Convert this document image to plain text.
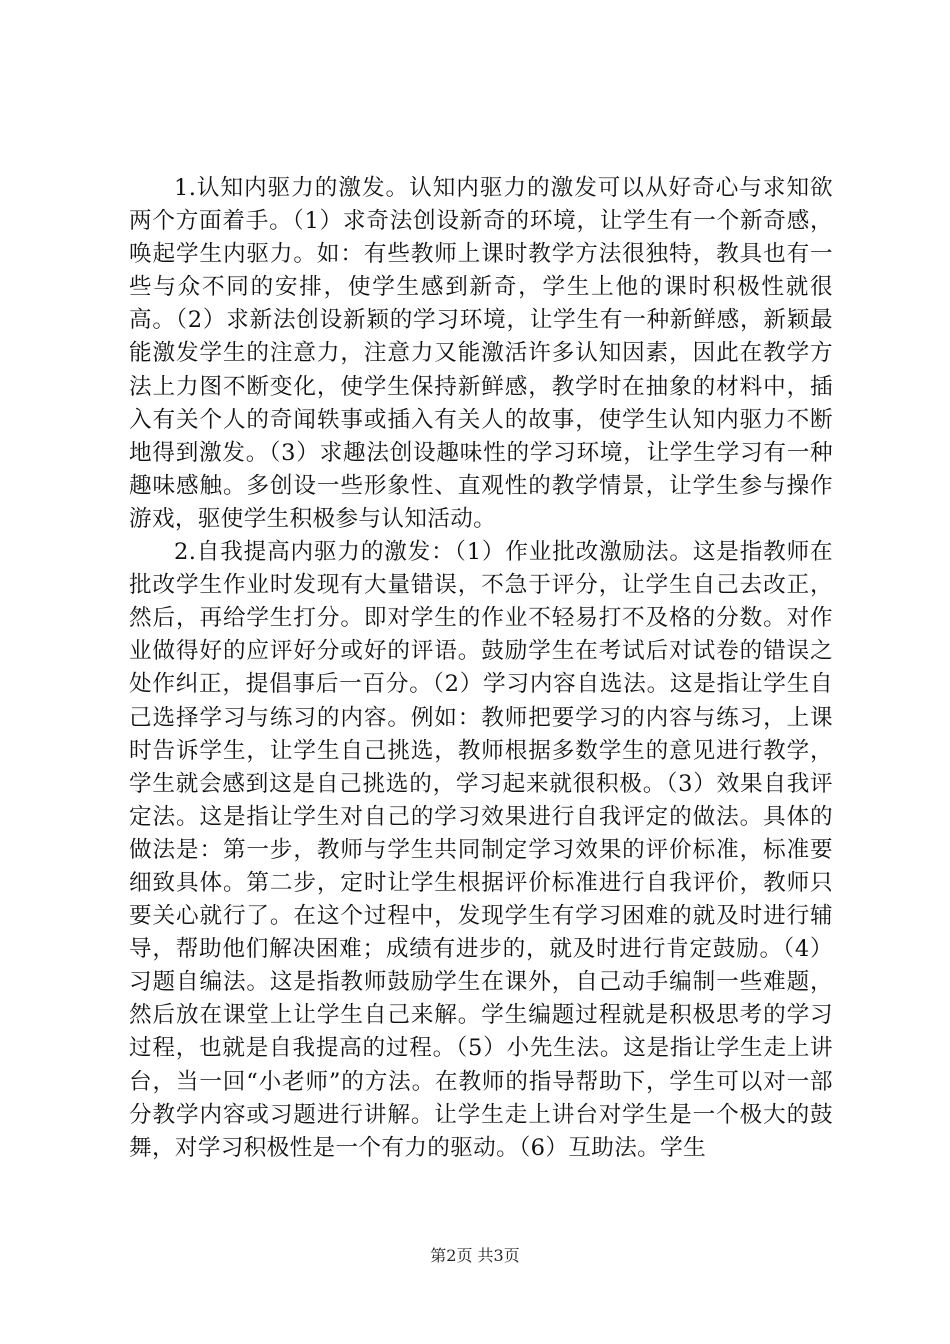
1.认知内驱力的激发。认知内驱力的激发可以从好奇心与求知欲两个方面着手。（1）求奇法创设新奇的环境，让学生有一个新奇感，唤起学生内驱力。如：有些教师上课时教学方法很独特，教具也有一些与众不同的安排，使学生感到新奇，学生上他的课时积极性就很高。（2）求新法创设新颖的学习环境，让学生有一种新鲜感，新颖最能激发学生的注意力，注意力又能激活许多认知因素，因此在教学方法上力图不断变化，使学生保持新鲜感，教学时在抽象的材料中，插入有关个人的奇闻轶事或插入有关人的故事，使学生认知内驱力不断地得到激发。（3）求趣法创设趣味性的学习环境，让学生学习有一种趣味感触。多创设一些形象性、直观性的教学情景，让学生参与操作游戏，驱使学生积极参与认知活动。

2.自我提高内驱力的激发：（1）作业批改激励法。这是指教师在批改学生作业时发现有大量错误，不急于评分，让学生自己去改正，然后，再给学生打分。即对学生的作业不轻易打不及格的分数。对作业做得好的应评好分或好的评语。鼓励学生在考试后对试卷的错误之处作纠正，提倡事后一百分。（2）学习内容自选法。这是指让学生自己选择学习与练习的内容。例如：教师把要学习的内容与练习，上课时告诉学生，让学生自己挑选，教师根据多数学生的意见进行教学，学生就会感到这是自己挑选的，学习起来就很积极。（3）效果自我评定法。这是指让学生对自己的学习效果进行自我评定的做法。具体的做法是：第一步，教师与学生共同制定学习效果的评价标准，标准要细致具体。第二步，定时让学生根据评价标准进行自我评价，教师只要关心就行了。在这个过程中，发现学生有学习困难的就及时进行辅导，帮助他们解决困难；成绩有进步的，就及时进行肯定鼓励。（4）习题自编法。这是指教师鼓励学生在课外，自己动手编制一些难题，然后放在课堂上让学生自己来解。学生编题过程就是积极思考的学习过程，也就是自我提高的过程。（5）小先生法。这是指让学生走上讲台，当一回“小老师”的方法。在教师的指导帮助下，学生可以对一部分教学内容或习题进行讲解。让学生走上讲台对学生是一个极大的鼓舞，对学习积极性是一个有力的驱动。（6）互助法。学生

第2页 共3页
